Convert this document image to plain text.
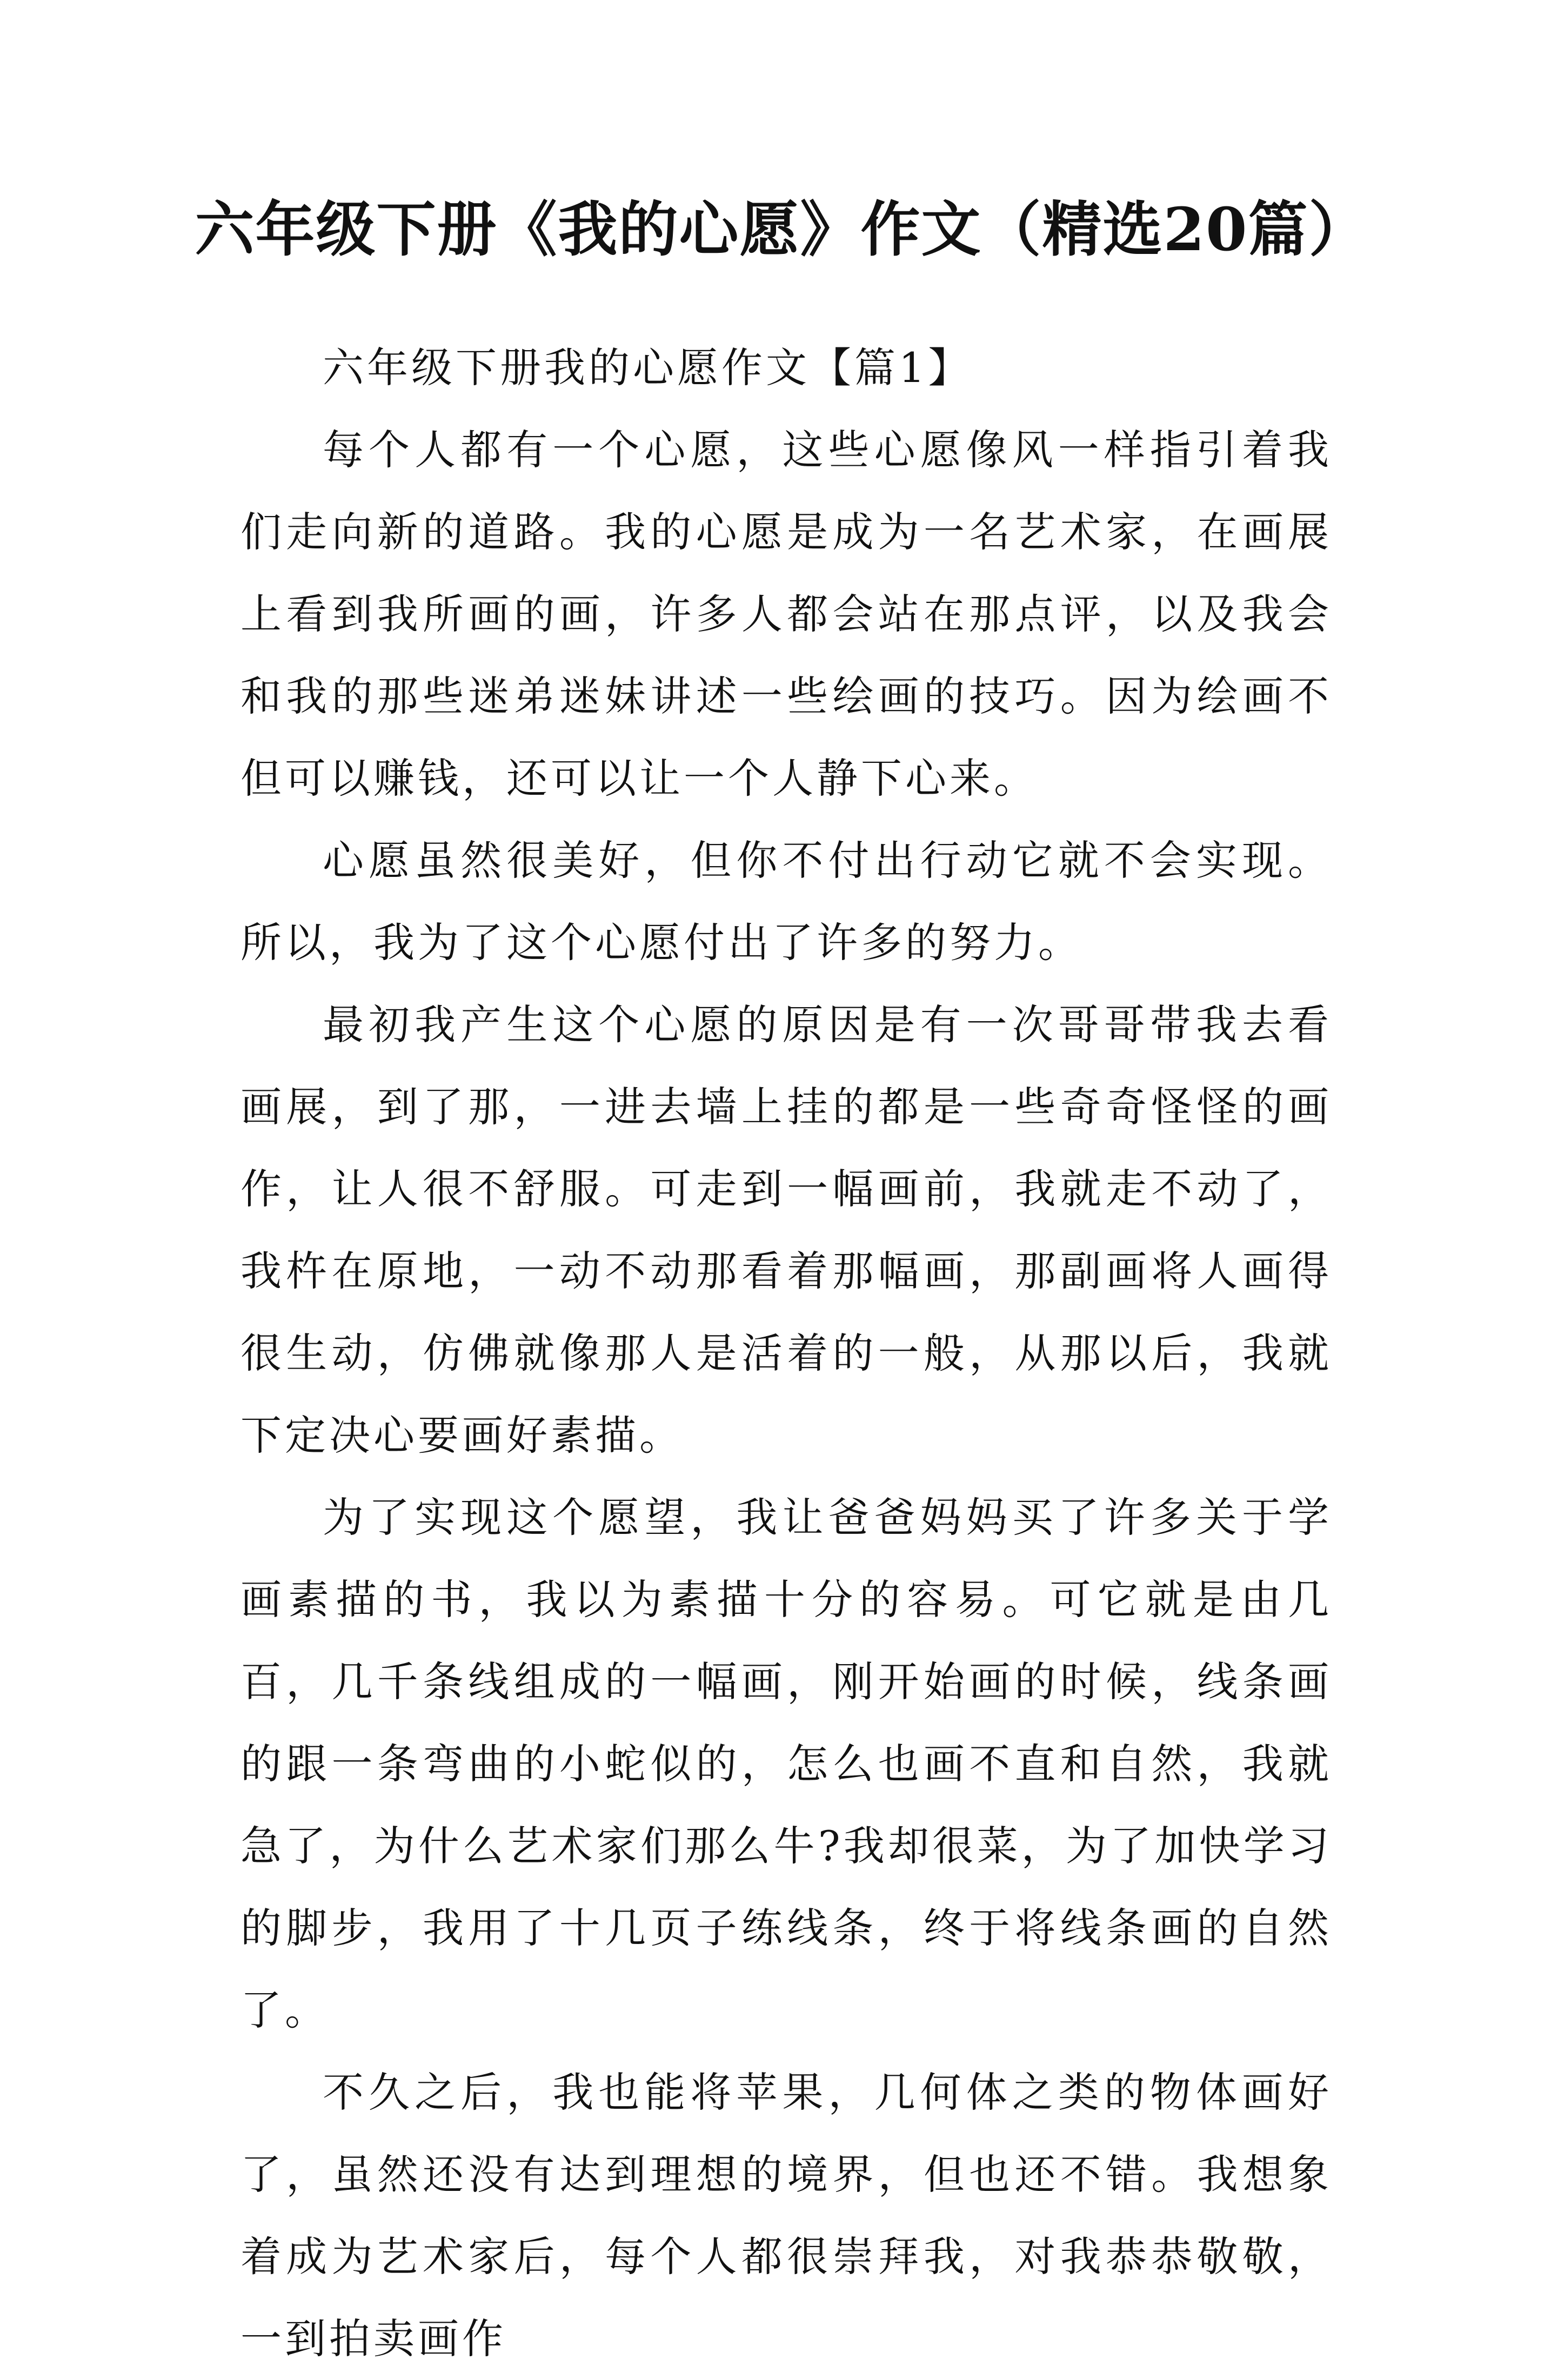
六年级下册《我的心愿》作文（精选20篇）

六年级下册我的心愿作文【篇1】

每个人都有一个心愿，这些心愿像风一样指引着我们走向新的道路。我的心愿是成为一名艺术家，在画展上看到我所画的画，许多人都会站在那点评，以及我会和我的那些迷弟迷妹讲述一些绘画的技巧。因为绘画不但可以赚钱，还可以让一个人静下心来。

心愿虽然很美好，但你不付出行动它就不会实现。所以，我为了这个心愿付出了许多的努力。

最初我产生这个心愿的原因是有一次哥哥带我去看画展，到了那，一进去墙上挂的都是一些奇奇怪怪的画作，让人很不舒服。可走到一幅画前，我就走不动了，我杵在原地，一动不动那看着那幅画，那副画将人画得很生动，仿佛就像那人是活着的一般，从那以后，我就下定决心要画好素描。

为了实现这个愿望，我让爸爸妈妈买了许多关于学画素描的书，我以为素描十分的容易。可它就是由几百，几千条线组成的一幅画，刚开始画的时候，线条画的跟一条弯曲的小蛇似的，怎么也画不直和自然，我就急了，为什么艺术家们那么牛?我却很菜，为了加快学习的脚步，我用了十几页子练线条，终于将线条画的自然了。

不久之后，我也能将苹果，几何体之类的物体画好了，虽然还没有达到理想的境界，但也还不错。我想象着成为艺术家后，每个人都很崇拜我，对我恭恭敬敬，一到拍卖画作
